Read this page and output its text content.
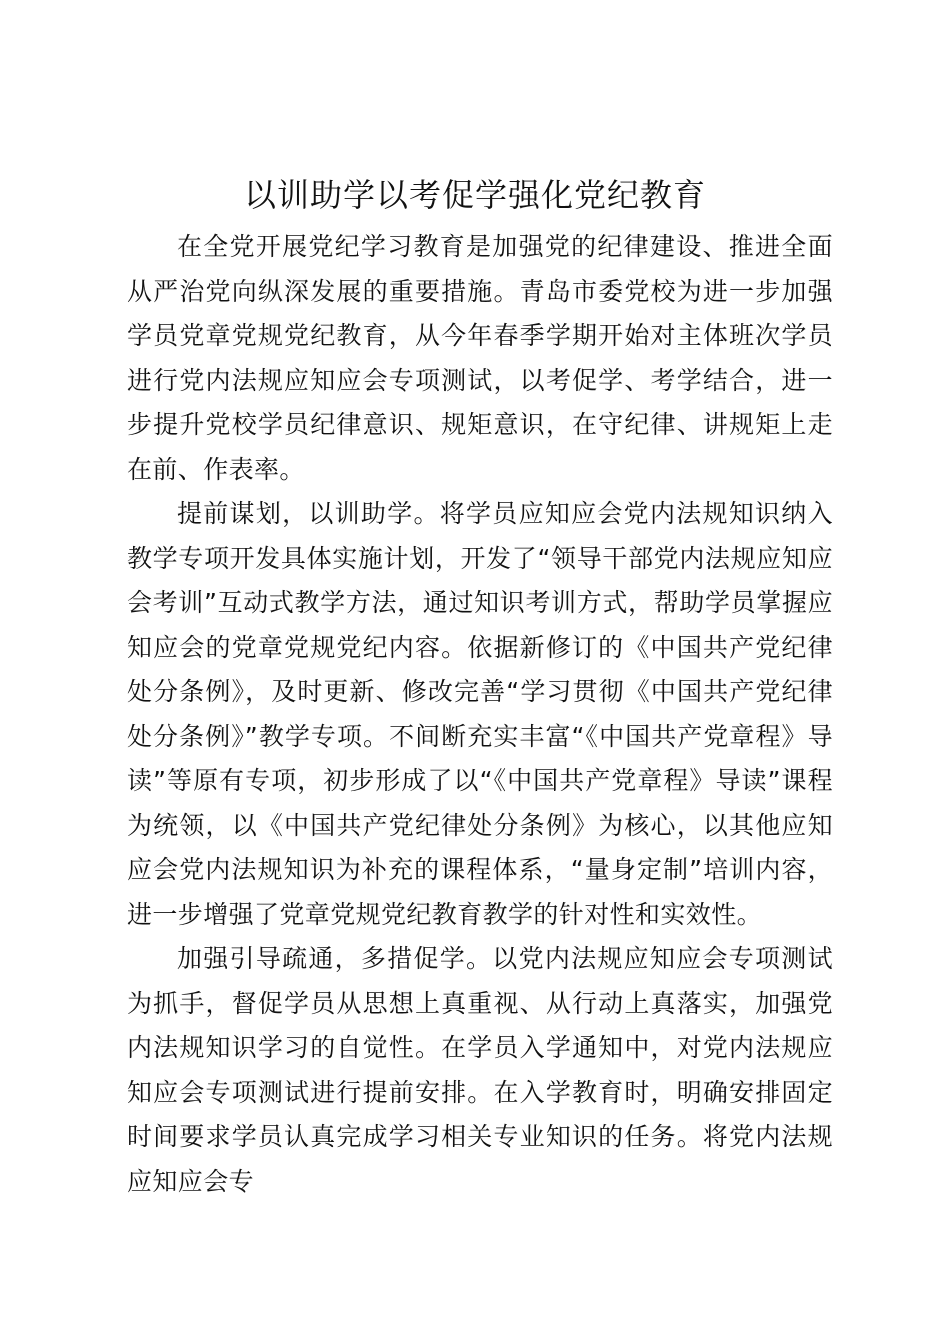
以训助学以考促学强化党纪教育

在全党开展党纪学习教育是加强党的纪律建设、推进全面从严治党向纵深发展的重要措施。青岛市委党校为进一步加强学员党章党规党纪教育，从今年春季学期开始对主体班次学员进行党内法规应知应会专项测试，以考促学、考学结合，进一步提升党校学员纪律意识、规矩意识，在守纪律、讲规矩上走在前、作表率。

提前谋划，以训助学。将学员应知应会党内法规知识纳入教学专项开发具体实施计划，开发了“领导干部党内法规应知应会考训”互动式教学方法，通过知识考训方式，帮助学员掌握应知应会的党章党规党纪内容。依据新修订的《中国共产党纪律处分条例》，及时更新、修改完善“学习贯彻《中国共产党纪律处分条例》”教学专项。不间断充实丰富“《中国共产党章程》导读”等原有专项，初步形成了以“《中国共产党章程》导读”课程为统领，以《中国共产党纪律处分条例》为核心，以其他应知应会党内法规知识为补充的课程体系，“量身定制”培训内容，进一步增强了党章党规党纪教育教学的针对性和实效性。

加强引导疏通，多措促学。以党内法规应知应会专项测试为抓手，督促学员从思想上真重视、从行动上真落实，加强党内法规知识学习的自觉性。在学员入学通知中，对党内法规应知应会专项测试进行提前安排。在入学教育时，明确安排固定时间要求学员认真完成学习相关专业知识的任务。将党内法规应知应会专
